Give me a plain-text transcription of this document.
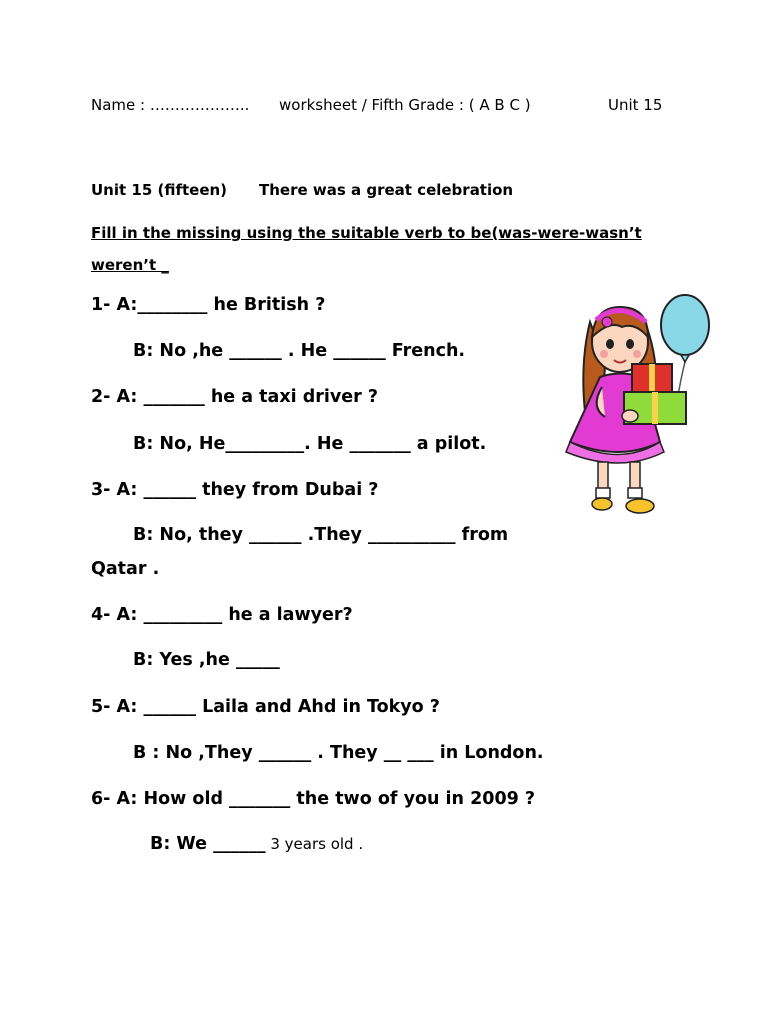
Name : ……………….. worksheet / Fifth Grade : ( A B C )	Unit 15
Unit 15 (fifteen) There was a great celebration
Fill in the missing using the suitable verb to be(was-were-wasn’t
weren’t _
1- A:________ he British ?
B: No ,he ______ . He ______ French.
2- A: _______ he a taxi driver ?
B: No, He_________. He _______ a pilot.
3- A: ______ they from Dubai ?
B: No, they ______ .They __________ from
Qatar .
4- A: _________ he a lawyer?
B: Yes ,he _____
5- A: ______ Laila and Ahd in Tokyo ?
B : No ,They ______ . They __ ___ in London.
6- A: How old _______ the two of you in 2009 ?
B: We ______ 3 years old .
